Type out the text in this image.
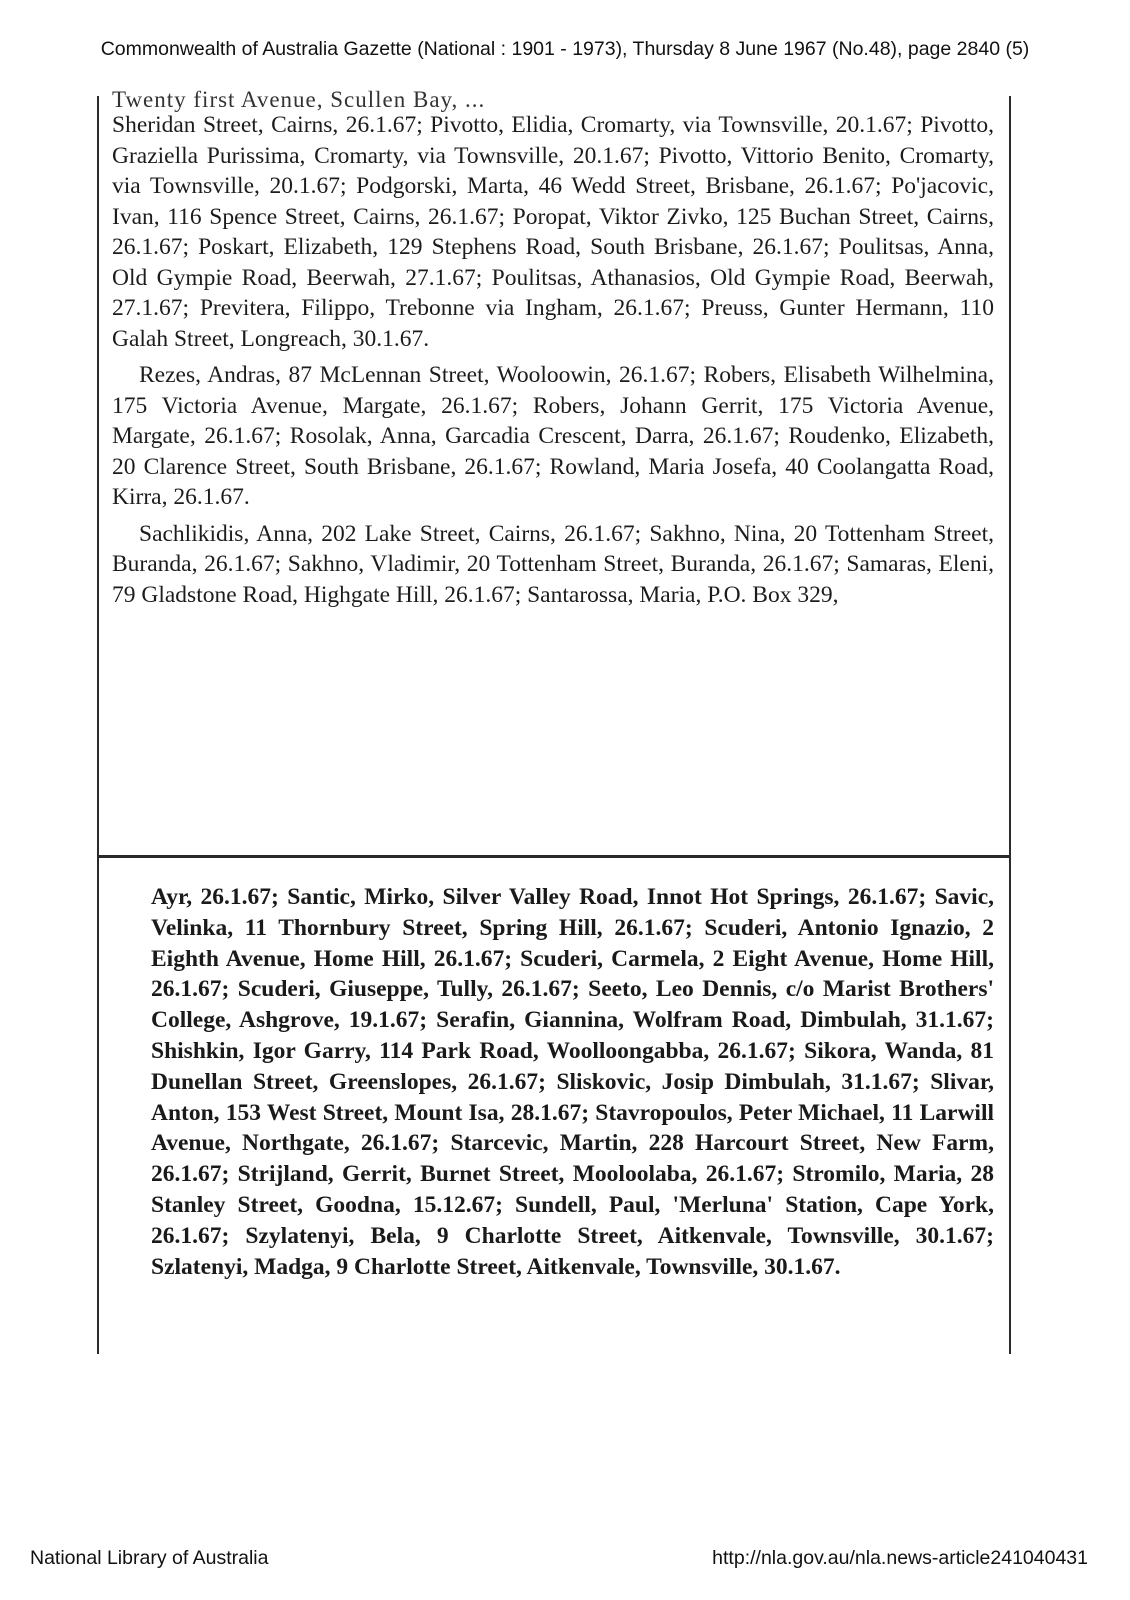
Commonwealth of Australia Gazette (National : 1901 - 1973), Thursday 8 June 1967 (No.48), page 2840 (5)
Twenty first Avenue, Scullen Bay, ...

Sheridan Street, Cairns, 26.1.67; Pivotto, Elidia, Cromarty, via Townsville, 20.1.67; Pivotto, Graziella Purissima, Cromarty, via Townsville, 20.1.67; Pivotto, Vittorio Benito, Cromarty, via Townsville, 20.1.67; Podgorski, Marta, 46 Wedd Street, Brisbane, 26.1.67; Po'jacovic, Ivan, 116 Spence Street, Cairns, 26.1.67; Poropat, Viktor Zivko, 125 Buchan Street, Cairns, 26.1.67; Poskart, Elizabeth, 129 Stephens Road, South Brisbane, 26.1.67; Poulitsas, Anna, Old Gympie Road, Beerwah, 27.1.67; Poulitsas, Athanasios, Old Gympie Road, Beerwah, 27.1.67; Previtera, Filippo, Trebonne via Ingham, 26.1.67; Preuss, Gunter Hermann, 110 Galah Street, Longreach, 30.1.67.

Rezes, Andras, 87 McLennan Street, Wooloowin, 26.1.67; Robers, Elisabeth Wilhelmina, 175 Victoria Avenue, Margate, 26.1.67; Robers, Johann Gerrit, 175 Victoria Avenue, Margate, 26.1.67; Rosolak, Anna, Garcadia Crescent, Darra, 26.1.67; Roudenko, Elizabeth, 20 Clarence Street, South Brisbane, 26.1.67; Rowland, Maria Josefa, 40 Coolangatta Road, Kirra, 26.1.67.

Sachlikidis, Anna, 202 Lake Street, Cairns, 26.1.67; Sakhno, Nina, 20 Tottenham Street, Buranda, 26.1.67; Sakhno, Vladimir, 20 Tottenham Street, Buranda, 26.1.67; Samaras, Eleni, 79 Gladstone Road, Highgate Hill, 26.1.67; Santarossa, Maria, P.O. Box 329,

Ayr, 26.1.67; Santic, Mirko, Silver Valley Road, Innot Hot Springs, 26.1.67; Savic, Velinka, 11 Thornbury Street, Spring Hill, 26.1.67; Scuderi, Antonio Ignazio, 2 Eighth Avenue, Home Hill, 26.1.67; Scuderi, Carmela, 2 Eight Avenue, Home Hill, 26.1.67; Scuderi, Giuseppe, Tully, 26.1.67; Seeto, Leo Dennis, c/o Marist Brothers' College, Ashgrove, 19.1.67; Serafin, Giannina, Wolfram Road, Dimbulah, 31.1.67; Shishkin, Igor Garry, 114 Park Road, Woolloongabba, 26.1.67; Sikora, Wanda, 81 Dunellan Street, Greenslopes, 26.1.67; Sliskovic, Josip Dimbulah, 31.1.67; Slivar, Anton, 153 West Street, Mount Isa, 28.1.67; Stavropoulos, Peter Michael, 11 Larwill Avenue, Northgate, 26.1.67; Starcevic, Martin, 228 Harcourt Street, New Farm, 26.1.67; Strijland, Gerrit, Burnet Street, Mooloolaba, 26.1.67; Stromilo, Maria, 28 Stanley Street, Goodna, 15.12.67; Sundell, Paul, 'Merluna' Station, Cape York, 26.1.67; Szylatenyi, Bela, 9 Charlotte Street, Aitkenvale, Townsville, 30.1.67; Szlatenyi, Madga, 9 Charlotte Street, Aitkenvale, Townsville, 30.1.67.

National Library of Australia	http://nla.gov.au/nla.news-article241040431
